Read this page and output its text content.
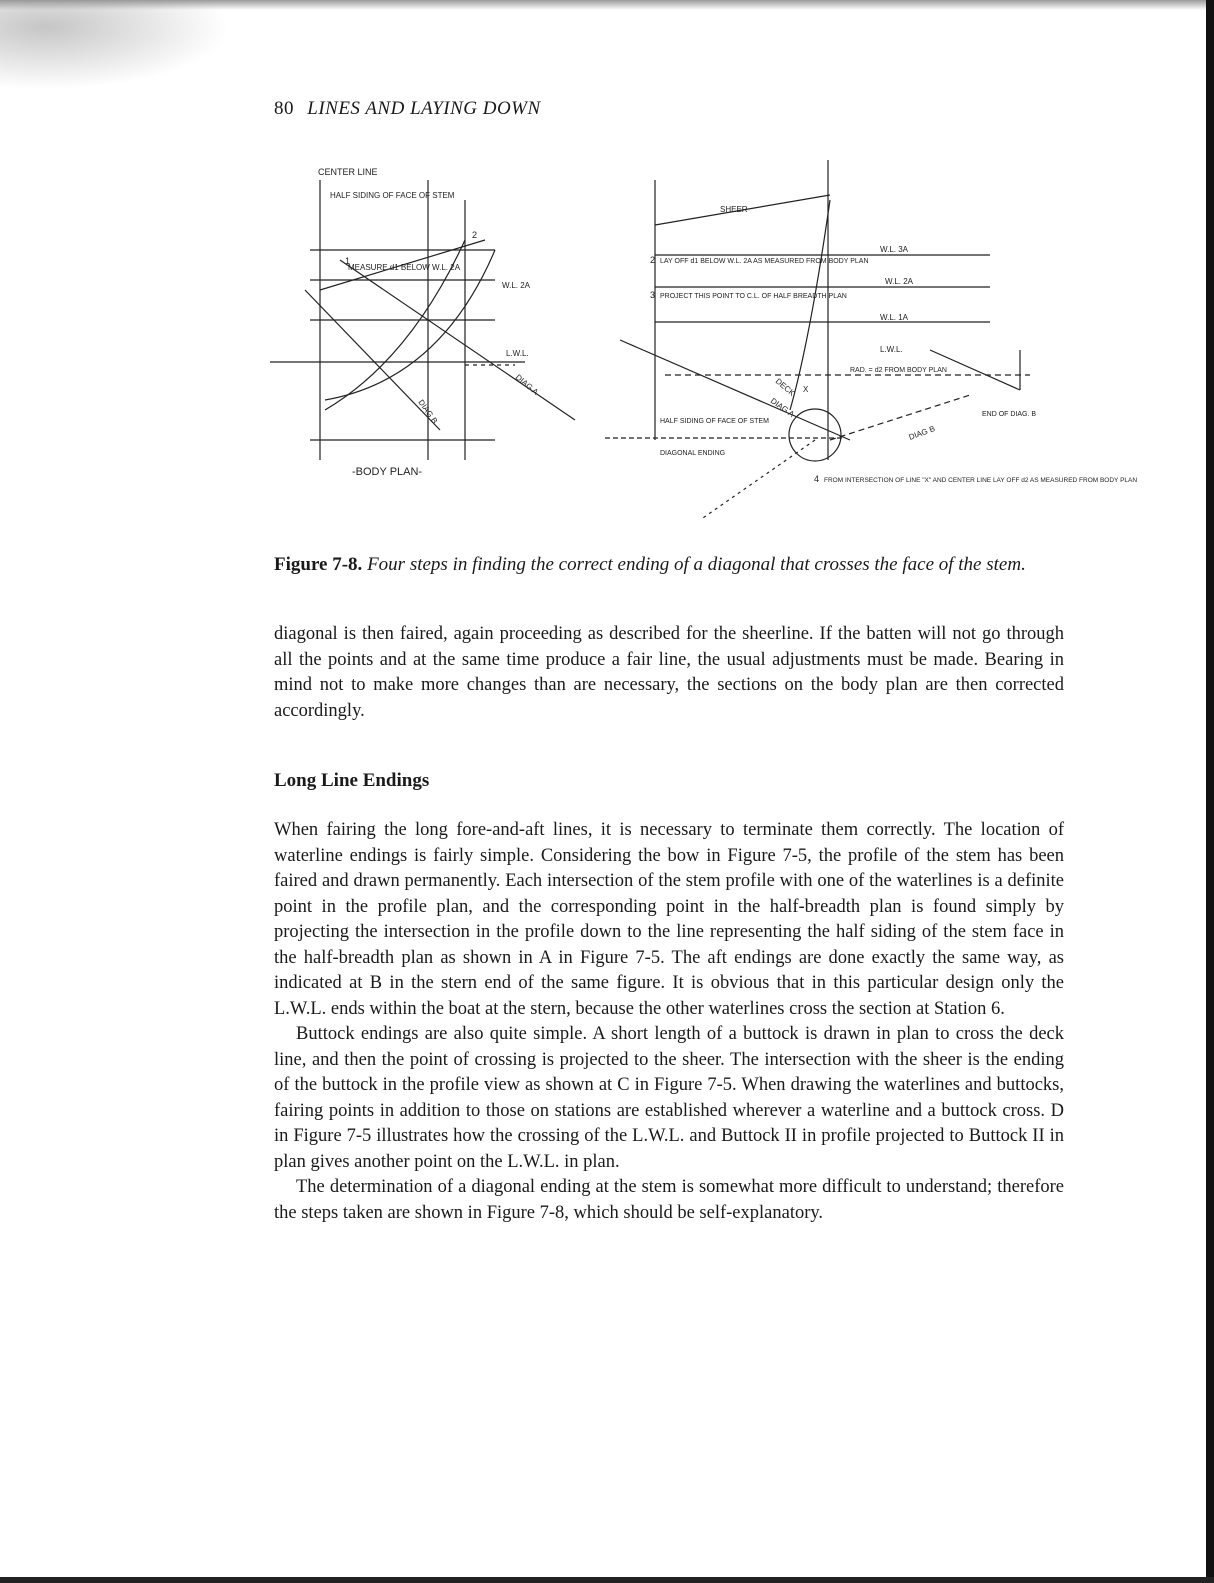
80 LINES AND LAYING DOWN
CENTER LINE
HALF SIDING OF FACE OF STEM
MEASURE d1 BELOW W.L. 2A
2
W.L. 2A
L.W.L.
DIAG A
DIAG B
-BODY PLAN-
SHEER
W.L. 3A
W.L. 2A
W.L. 1A
L.W.L.
LAY OFF d1 BELOW W.L. 2A AS MEASURED FROM BODY PLAN
PROJECT THIS POINT TO C.L. OF HALF BREADTH PLAN
RAD. = d2 FROM BODY PLAN
DECK
HALF SIDING OF FACE OF STEM
DIAG A
DIAG B
DIAGONAL ENDING
END OF DIAG. B
FROM INTERSECTION OF LINE "X" AND CENTER LINE LAY OFF d2 AS MEASURED FROM BODY PLAN
X
1	2
3
4
Figure 7-8. Four steps in finding the correct ending of a diagonal that crosses the face of the stem.

diagonal is then faired, again proceeding as described for the sheerline. If the batten will not go through all the points and at the same time produce a fair line, the usual adjustments must be made. Bearing in mind not to make more changes than are necessary, the sections on the body plan are then corrected accordingly.

Long Line Endings

When fairing the long fore-and-aft lines, it is necessary to terminate them correctly. The location of waterline endings is fairly simple. Considering the bow in Figure 7-5, the profile of the stem has been faired and drawn permanently. Each intersection of the stem profile with one of the waterlines is a definite point in the profile plan, and the corresponding point in the half-breadth plan is found simply by projecting the intersection in the profile down to the line representing the half siding of the stem face in the half-breadth plan as shown in A in Figure 7-5. The aft endings are done exactly the same way, as indicated at B in the stern end of the same figure. It is obvious that in this particular design only the L.W.L. ends within the boat at the stern, because the other waterlines cross the section at Station 6.

Buttock endings are also quite simple. A short length of a buttock is drawn in plan to cross the deck line, and then the point of crossing is projected to the sheer. The intersection with the sheer is the ending of the buttock in the profile view as shown at C in Figure 7-5. When drawing the waterlines and buttocks, fairing points in addition to those on stations are established wherever a waterline and a buttock cross. D in Figure 7-5 illustrates how the crossing of the L.W.L. and Buttock II in profile projected to Buttock II in plan gives another point on the L.W.L. in plan.

The determination of a diagonal ending at the stem is somewhat more difficult to understand; therefore the steps taken are shown in Figure 7-8, which should be self-explanatory.
